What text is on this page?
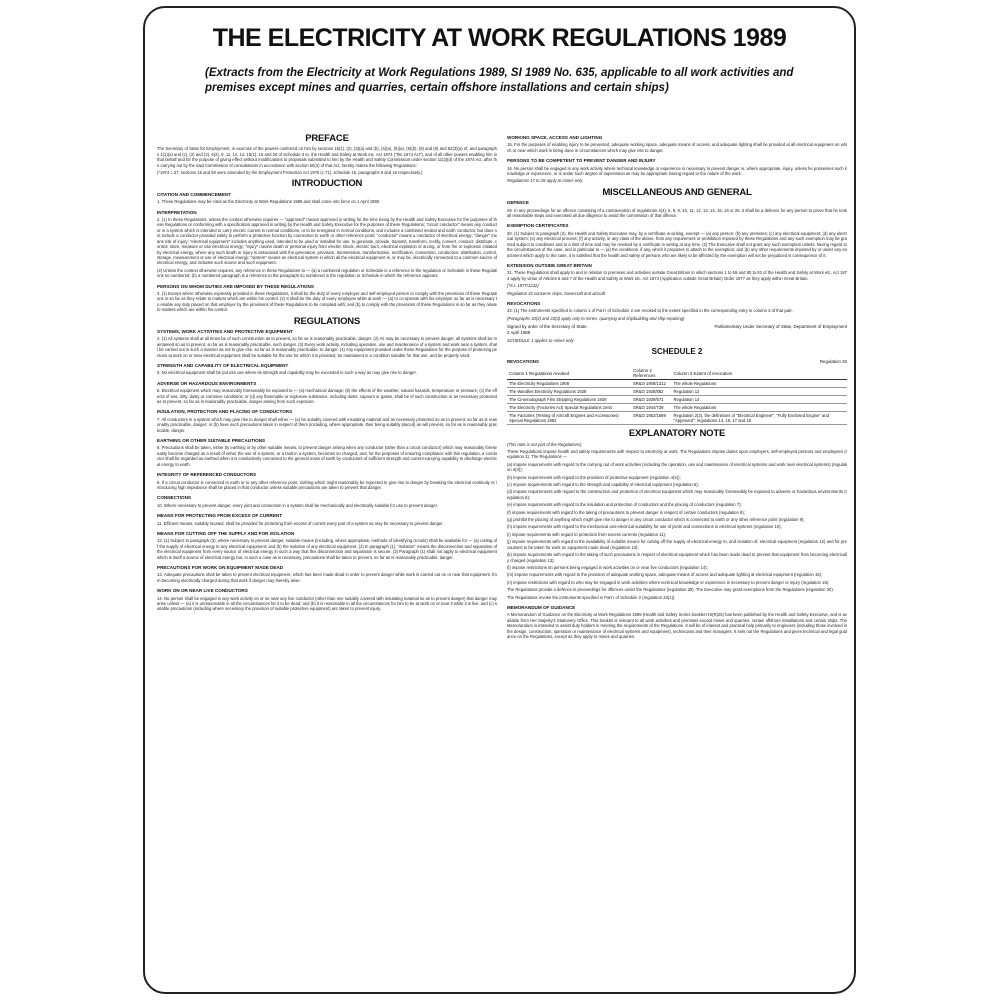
THE ELECTRICITY AT WORK REGULATIONS 1989
(Extracts from the Electricity at Work Regulations 1989, SI 1989 No. 635, applicable to all work activities and premises except mines and quarries, certain offshore installations and certain ships)
PREFACE

The Secretary of State for Employment, in exercise of the powers conferred on him by sections 15(1), (2), (3)(a) and (b), (4)(a), (5)(a), (6)(b), (8) and (9) and 82(3)(a) of, and paragraphs 1(1)(a) and (c), (2) and (3), 6(2), 9, 11, 12, 14, 15(1), 16 and 20 of Schedule 3 to, the Health and Safety at Work etc. Act 1974 ("the 1974 Act"), and of all other powers enabling him in that behalf and for the purpose of giving effect without modifications to proposals submitted to him by the Health and Safety Commission under section 11(2)(d) of the 1974 Act, after the carrying out by the said Commission of consultations in accordance with section 50(3) of that Act, hereby makes the following Regulations:

(*1974 c.37; sections 15 and 50 were amended by the Employment Protection Act 1975 (c.71), schedule 15, paragraphs 6 and 16 respectively.)

INTRODUCTION
CITATION AND COMMENCEMENT

1. These Regulations may be cited as the Electricity at Work Regulations 1989 and shall come into force on 1 April 1990.

INTERPRETATION

2. (1) In these Regulations, unless the context otherwise requires — "approved" means approved in writing for the time being by the Health and Safety Executive for the purposes of these Regulations or conforming with a specification approved in writing by the Health and Safety Executive for the purposes of these Regulations; "circuit conductor" means any conductor in a system which is intended to carry electric current in normal conditions, or to be energised in normal conditions, and includes a combined neutral and earth conductor, but does not include a conductor provided solely to perform a protective function by connection to earth or other reference point; "conductor" means a conductor of electrical energy; "danger" means risk of injury; "electrical equipment" includes anything used, intended to be used or installed for use, to generate, provide, transmit, transform, rectify, convert, conduct, distribute, control, store, measure or use electrical energy; "injury" means death or personal injury from electric shock, electric burn, electrical explosion or arcing, or from fire or explosion initiated by electrical energy, where any such death or injury is associated with the generation, provision, transmission, transformation, rectification, conversion, conduction, distribution, control, storage, measurement or use of electrical energy; "system" means an electrical system in which all the electrical equipment is, or may be, electrically connected to a common source of electrical energy, and includes such source and such equipment.

(2) Unless the context otherwise requires, any reference in these Regulations to — (a) a numbered regulation or Schedule is a reference to the regulation or Schedule in these Regulations so numbered; (b) a numbered paragraph is a reference to the paragraph so numbered in the regulation or Schedule in which the reference appears.

PERSONS ON WHOM DUTIES ARE IMPOSED BY THESE REGULATIONS

3. (1) Except where otherwise expressly provided in these Regulations, it shall be the duty of every employer and self-employed person to comply with the provisions of these Regulations in so far as they relate to matters which are within his control. (2) It shall be the duty of every employee while at work — (a) to co-operate with his employer so far as is necessary to enable any duty placed on that employer by the provisions of these Regulations to be complied with; and (b) to comply with the provisions of these Regulations in so far as they relate to matters which are within his control.

REGULATIONS
SYSTEMS, WORK ACTIVITIES AND PROTECTIVE EQUIPMENT

4. (1) All systems shall at all times be of such construction as to prevent, so far as is reasonably practicable, danger. (2) As may be necessary to prevent danger, all systems shall be maintained so as to prevent, so far as is reasonably practicable, such danger. (3) Every work activity, including operation, use and maintenance of a system and work near a system, shall be carried out in such a manner as not to give rise, so far as is reasonably practicable, to danger. (4) Any equipment provided under these Regulations for the purpose of protecting persons at work on or near electrical equipment shall be suitable for the use for which it is provided, be maintained in a condition suitable for that use, and be properly used.

STRENGTH AND CAPABILITY OF ELECTRICAL EQUIPMENT

5. No electrical equipment shall be put into use where its strength and capability may be exceeded in such a way as may give rise to danger.

ADVERSE OR HAZARDOUS ENVIRONMENTS

6. Electrical equipment which may reasonably foreseeably be exposed to — (a) mechanical damage; (b) the effects of the weather, natural hazards, temperature or pressure; (c) the effects of wet, dirty, dusty or corrosive conditions; or (d) any flammable or explosive substance, including dusts, vapours or gases, shall be of such construction or as necessary protected as to prevent, so far as is reasonably practicable, danger arising from such exposure.

INSULATION, PROTECTION AND PLACING OF CONDUCTORS

7. All conductors in a system which may give rise to danger shall either — (a) be suitably covered with insulating material and as necessary protected so as to prevent, so far as is reasonably practicable, danger; or (b) have such precautions taken in respect of them (including, where appropriate, their being suitably placed) as will prevent, so far as is reasonably practicable, danger.

EARTHING OR OTHER SUITABLE PRECAUTIONS

8. Precautions shall be taken, either by earthing or by other suitable means, to prevent danger arising when any conductor (other than a circuit conductor) which may reasonably foreseeably become charged as a result of either the use of a system, or a fault in a system, becomes so charged; and, for the purposes of ensuring compliance with this regulation, a conductor shall be regarded as earthed when it is conductively connected to the general mass of earth by conductors of sufficient strength and current-carrying capability to discharge electrical energy to earth.

INTEGRITY OF REFERENCED CONDUCTORS

9. If a circuit conductor is connected to earth or to any other reference point, nothing which might reasonably be expected to give rise to danger by breaking the electrical continuity or introducing high impedance shall be placed in that conductor unless suitable precautions are taken to prevent that danger.

CONNECTIONS

10. Where necessary to prevent danger, every joint and connection in a system shall be mechanically and electrically suitable for use to prevent danger.

MEANS FOR PROTECTING FROM EXCESS OF CURRENT

11. Efficient means, suitably located, shall be provided for protecting from excess of current every part of a system as may be necessary to prevent danger.

MEANS FOR CUTTING OFF THE SUPPLY AND FOR ISOLATION

12. (1) Subject to paragraph (3), where necessary to prevent danger, suitable means (including, where appropriate, methods of identifying circuits) shall be available for — (a) cutting off the supply of electrical energy to any electrical equipment; and (b) the isolation of any electrical equipment. (2) In paragraph (1), "isolation" means the disconnection and separation of the electrical equipment from every source of electrical energy in such a way that this disconnection and separation is secure. (3) Paragraph (1) shall not apply to electrical equipment which is itself a source of electrical energy but, in such a case as is necessary, precautions shall be taken to prevent, so far as is reasonably practicable, danger.

PRECAUTIONS FOR WORK ON EQUIPMENT MADE DEAD

13. Adequate precautions shall be taken to prevent electrical equipment, which has been made dead in order to prevent danger while work is carried out on or near that equipment, from becoming electrically charged during that work if danger may thereby arise.

WORK ON OR NEAR LIVE CONDUCTORS

14. No person shall be engaged in any work activity on or so near any live conductor (other than one suitably covered with insulating material so as to prevent danger) that danger may arise unless — (a) it is unreasonable in all the circumstances for it to be dead; and (b) it is reasonable in all the circumstances for him to be at work on or near it while it is live; and (c) suitable precautions (including where necessary the provision of suitable protective equipment) are taken to prevent injury.

WORKING SPACE, ACCESS AND LIGHTING

15. For the purposes of enabling injury to be prevented, adequate working space, adequate means of access, and adequate lighting shall be provided at all electrical equipment on which or near which work is being done in circumstances which may give rise to danger.

PERSONS TO BE COMPETENT TO PREVENT DANGER AND INJURY

16. No person shall be engaged in any work activity where technical knowledge or experience is necessary to prevent danger or, where appropriate, injury, unless he possesses such knowledge or experience, or is under such degree of supervision as may be appropriate having regard to the nature of the work.

Regulations 17 to 28 apply to mines only

MISCELLANEOUS AND GENERAL
DEFENCE

29. In any proceedings for an offence consisting of a contravention of regulations 4(4), 5, 8, 9, 10, 11, 12, 13, 14, 15, 16 or 25, it shall be a defence for any person to prove that he took all reasonable steps and exercised all due diligence to avoid the commission of that offence.

EXEMPTION CERTIFICATES

30. (1) Subject to paragraph (2), the Health and Safety Executive may, by a certificate in writing, exempt — (a) any person; (b) any premises; (c) any electrical equipment; (d) any electrical system; (e) any electrical process; (f) any activity, or any class of the above, from any requirement or prohibition imposed by these Regulations and any such exemption may be granted subject to conditions and to a limit of time and may be revoked by a certificate in writing at any time. (2) The Executive shall not grant any such exemption unless, having regard to the circumstances of the case, and in particular to — (a) the conditions, if any, which it proposes to attach to the exemption; and (b) any other requirements imposed by or under any enactment which apply to the case, it is satisfied that the health and safety of persons who are likely to be affected by the exemption will not be prejudiced in consequence of it.

EXTENSION OUTSIDE GREAT BRITAIN

31. These Regulations shall apply to and in relation to premises and activities outside Great Britain to which sections 1 to 59 and 80 to 82 of the Health and Safety at Work etc. Act 1974 apply by virtue of Articles 6 and 7 of the Health and Safety at Work etc. Act 1974 (Application outside Great Britain) Order 1977 as they apply within Great Britain.

(*S.I. 1977/1232)

Regulation 32 concerns ships, hovercraft and aircraft

REVOCATIONS

33. (1) The instruments specified in column 1 of Part I of Schedule 2 are revoked to the extent specified in the corresponding entry in column 3 of that part.

(Paragraphs 33(2) and 33(3) apply only to mines, quarrying and shipbuilding and ship-repairing)

Signed by order of the Secretary of State.	Parliamentary Under Secretary of State, Department of Employment
2 April 1989

SCHEDULE 1 applies to mines only

SCHEDULE 2
REVOCATIONS	Regulation 33
Column 1 Regulations revoked	Column 2 References	Column 3 Extent of revocation
The Electricity Regulations 1908	SR&O 1908/1312	The whole Regulations
The Wandles Electricity Regulations 1928	SR&O 1928/882	Regulation 12
The Cinematograph Film Stripping Regulations 1939	SR&O 1939/571	Regulation 14
The Electricity (Factories Act) Special Regulations 1944	SR&O 1944/739	The whole Regulations
The Factories (Testing of Aircraft Engines and Accessories) Special Regulations 1952	SR&O 1952/1689	Regulation 2(2), the definitions of "Electrical Engineer", "Fully Enclosed Engine" and "Approved"; regulations 14, 16, 17 and 18
EXPLANATORY NOTE

(This note is not part of the Regulations)

These Regulations impose health and safety requirements with respect to electricity at work. The Regulations impose duties upon employers, self-employed persons and employees (regulation 3). The Regulations —

(a) impose requirements with regard to the carrying out of work activities (including the operation, use and maintenance of electrical systems and work near electrical systems) (regulation 4(3));

(b) impose requirements with regard to the provision of protective equipment (regulation 4(4));

(c) impose requirements with regard to the strength and capability of electrical equipment (regulation 5);

(d) impose requirements with regard to the construction and protection of electrical equipment which may reasonably foreseeably be exposed to adverse or hazardous environments (regulation 6);

(e) impose requirements with regard to the insulation and protection of conductors and the placing of conductors (regulation 7);

(f) impose requirements with regard to the taking of precautions to prevent danger in respect of certain conductors (regulation 8);

(g) prohibit the placing of anything which might give rise to danger in any circuit conductor which is connected to earth or any other reference point (regulation 9);

(h) impose requirements with regard to the mechanical and electrical suitability for use of joints and connections in electrical systems (regulation 10);

(i) impose requirements with regard to protection from excess currents (regulation 11);

(j) impose requirements with regard to the availability of suitable means for cutting off the supply of electrical energy to, and isolation of, electrical equipment (regulation 12) and for precautions to be taken for work on equipment made dead (regulation 13);

(k) impose requirements with regard to the taking of such precautions in respect of electrical equipment which has been made dead to prevent that equipment from becoming electrically charged (regulation 13);

(l) impose restrictions on persons being engaged in work activities on or near live conductors (regulation 14);

(m) impose requirements with regard to the provision of adequate working space, adequate means of access and adequate lighting at electrical equipment (regulation 15);

(n) impose restrictions with regard to who may be engaged in work activities where technical knowledge or experience is necessary to prevent danger or injury (regulation 16).

The Regulations provide a defence in proceedings for offences under the Regulations (regulation 29). The Executive may grant exemptions from the Regulations (regulation 30).

The Regulations revoke the instruments specified in Part I of Schedule 2 (regulation 33(1)).

MEMORANDUM OF GUIDANCE

A Memorandum of Guidance on the Electricity at Work Regulations 1989 (Health and Safety Series booklet HS(R)25) has been published by the Health and Safety Executive, and is available from Her Majesty's Stationery Office. This booklet is relevant to all work activities and premises except mines and quarries, certain offshore installations and certain ships. The Memorandum is intended to assist duty holders in meeting the requirements of the Regulations. It will be of interest and practical help primarily to engineers (including those involved in the design, construction, operation or maintenance of electrical systems and equipment), technicians and their managers. It sets out the Regulations and gives technical and legal guidance on the Regulations, except as they apply to mines and quarries.
